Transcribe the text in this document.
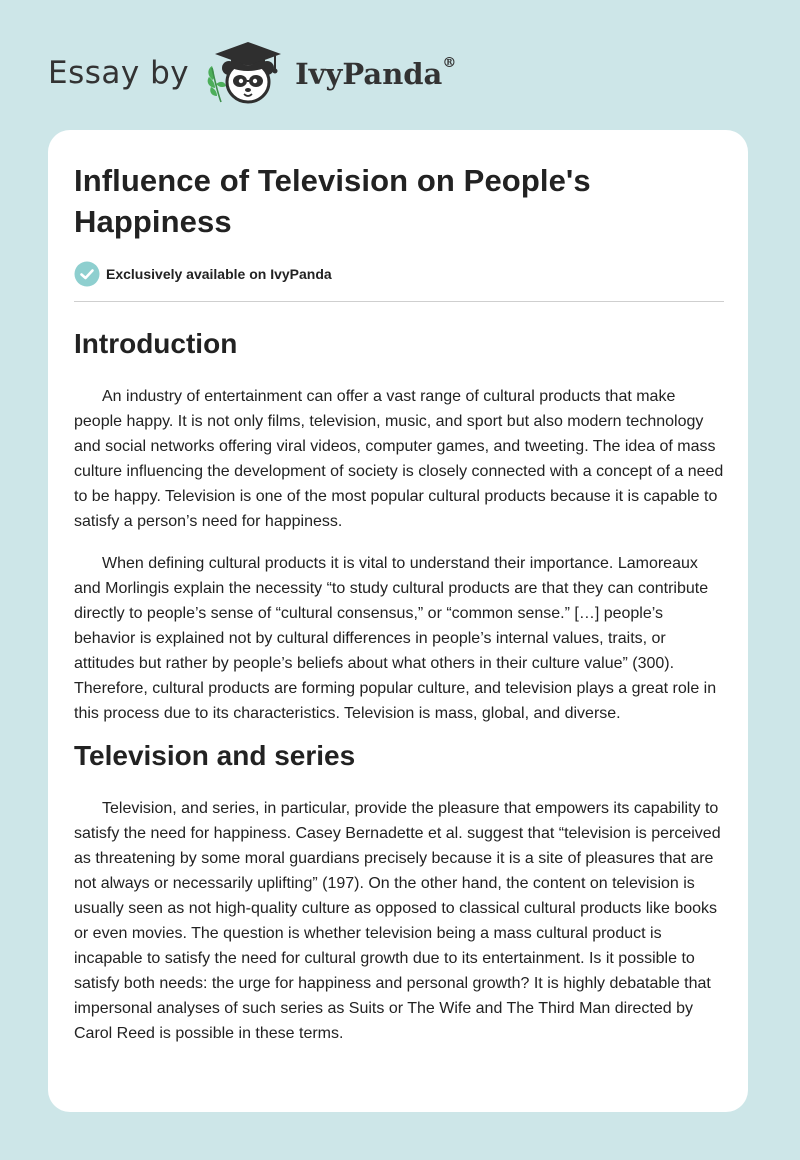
Essay by	IvyPanda®
Influence of Television on People's Happiness
Exclusively available on IvyPanda
Introduction

An industry of entertainment can offer a vast range of cultural products that make people happy. It is not only films, television, music, and sport but also modern technology and social networks offering viral videos, computer games, and tweeting. The idea of mass culture influencing the development of society is closely connected with a concept of a need to be happy. Television is one of the most popular cultural products because it is capable to satisfy a person’s need for happiness.

When defining cultural products it is vital to understand their importance. Lamoreaux and Morlingis explain the necessity “to study cultural products are that they can contribute directly to people’s sense of “cultural consensus,” or “common sense.” […] people’s behavior is explained not by cultural differences in people’s internal values, traits, or attitudes but rather by people’s beliefs about what others in their culture value” (300). Therefore, cultural products are forming popular culture, and television plays a great role in this process due to its characteristics. Television is mass, global, and diverse.

Television and series

Television, and series, in particular, provide the pleasure that empowers its capability to satisfy the need for happiness. Casey Bernadette et al. suggest that “television is perceived as threatening by some moral guardians precisely because it is a site of pleasures that are not always or necessarily uplifting” (197). On the other hand, the content on television is usually seen as not high-quality culture as opposed to classical cultural products like books or even movies. The question is whether television being a mass cultural product is incapable to satisfy the need for cultural growth due to its entertainment. Is it possible to satisfy both needs: the urge for happiness and personal growth? It is highly debatable that impersonal analyses of such series as Suits or The Wife and The Third Man directed by Carol Reed is possible in these terms.
